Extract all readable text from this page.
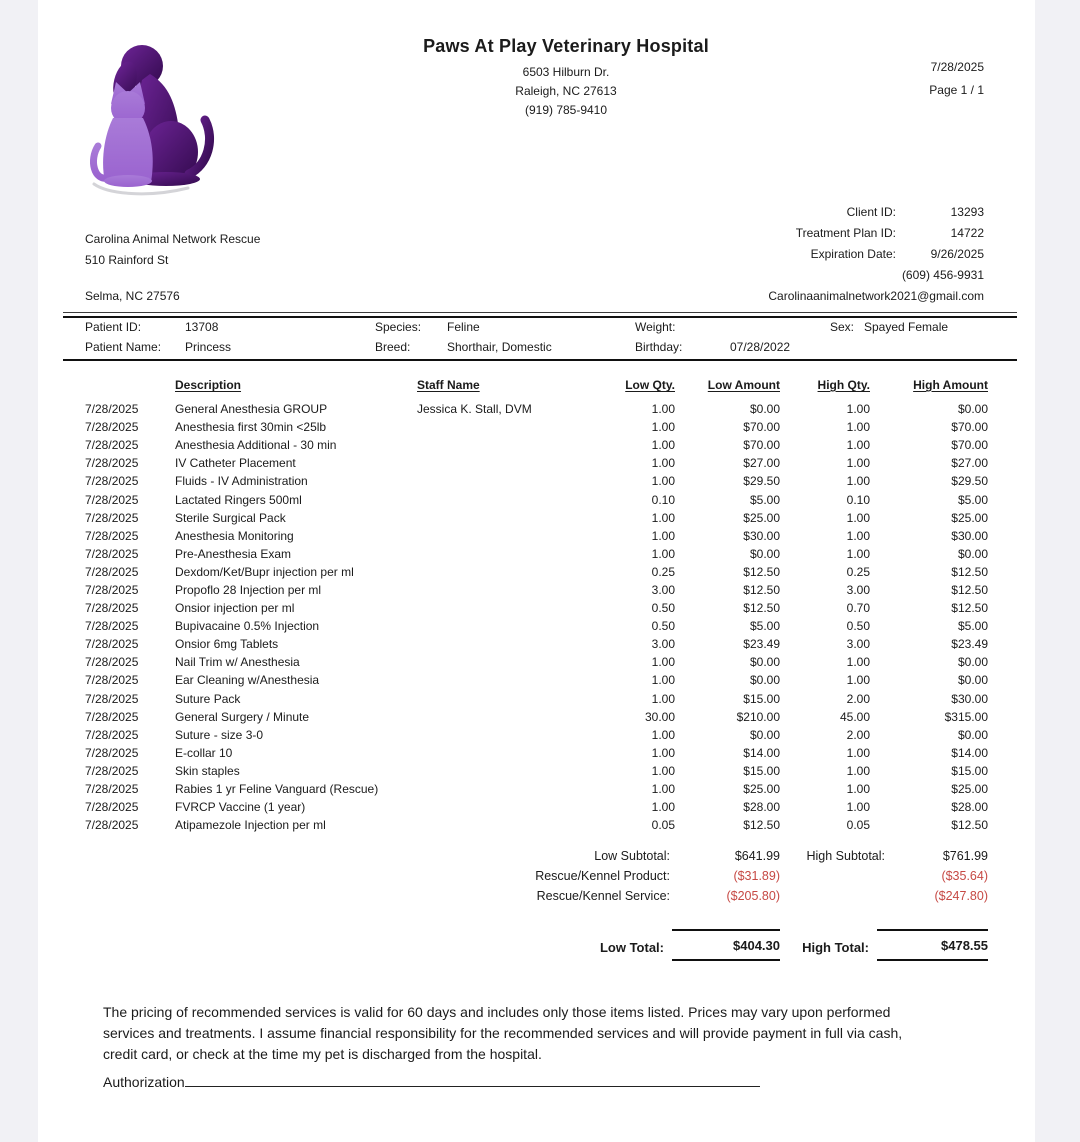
Paws At Play Veterinary Hospital
6503 Hilburn Dr.
Raleigh, NC 27613
(919) 785-9410
7/28/2025
Page 1 / 1
Carolina Animal Network Rescue
510 Rainford St
Selma, NC 27576
Client ID:	13293
Treatment Plan ID:	14722
Expiration Date:	9/26/2025
(609) 456-9931
Carolinaanimalnetwork2021@gmail.com
Patient ID:	13708
Patient Name: Princess
Species: Feline
Breed:	Shorthair, Domestic
Weight:
Birthday:	07/28/2022
Sex: Spayed Female
Description	Staff Name	Low Qty.	Low Amount	High Qty.	High Amount
7/28/2025	General Anesthesia GROUP	Jessica K. Stall, DVM	1.00	$0.00	1.00	$0.00
7/28/2025	Anesthesia first 30min <25lb	1.00	$70.00	1.00	$70.00
7/28/2025	Anesthesia Additional - 30 min	1.00	$70.00	1.00	$70.00
7/28/2025	IV Catheter Placement	1.00	$27.00	1.00	$27.00
7/28/2025	Fluids - IV Administration	1.00	$29.50	1.00	$29.50
7/28/2025	Lactated Ringers 500ml	0.10	$5.00	0.10	$5.00
7/28/2025	Sterile Surgical Pack	1.00	$25.00	1.00	$25.00
7/28/2025	Anesthesia Monitoring	1.00	$30.00	1.00	$30.00
7/28/2025	Pre-Anesthesia Exam	1.00	$0.00	1.00	$0.00
7/28/2025	Dexdom/Ket/Bupr injection per ml	0.25	$12.50	0.25	$12.50
7/28/2025	Propoflo 28 Injection per ml	3.00	$12.50	3.00	$12.50
7/28/2025	Onsior injection per ml	0.50	$12.50	0.70	$12.50
7/28/2025	Bupivacaine 0.5% Injection	0.50	$5.00	0.50	$5.00
7/28/2025	Onsior 6mg Tablets	3.00	$23.49	3.00	$23.49
7/28/2025	Nail Trim w/ Anesthesia	1.00	$0.00	1.00	$0.00
7/28/2025	Ear Cleaning w/Anesthesia	1.00	$0.00	1.00	$0.00
7/28/2025	Suture Pack	1.00	$15.00	2.00	$30.00
7/28/2025	General Surgery / Minute	30.00	$210.00	45.00	$315.00
7/28/2025	Suture - size 3-0	1.00	$0.00	2.00	$0.00
7/28/2025	E-collar 10	1.00	$14.00	1.00	$14.00
7/28/2025	Skin staples	1.00	$15.00	1.00	$15.00
7/28/2025	Rabies 1 yr Feline Vanguard (Rescue)	1.00	$25.00	1.00	$25.00
7/28/2025	FVRCP Vaccine (1 year)	1.00	$28.00	1.00	$28.00
7/28/2025	Atipamezole Injection per ml	0.05	$12.50	0.05	$12.50
Low Subtotal:	$641.99	High Subtotal:	$761.99
Rescue/Kennel Product:	($31.89)	($35.64)
Rescue/Kennel Service:	($205.80)	($247.80)
Low Total:	$404.30	High Total:	$478.55

The pricing of recommended services is valid for 60 days and includes only those items listed. Prices may vary upon performed services and treatments. I assume financial responsibility for the recommended services and will provide payment in full via cash, credit card, or check at the time my pet is discharged from the hospital.

Authorization
